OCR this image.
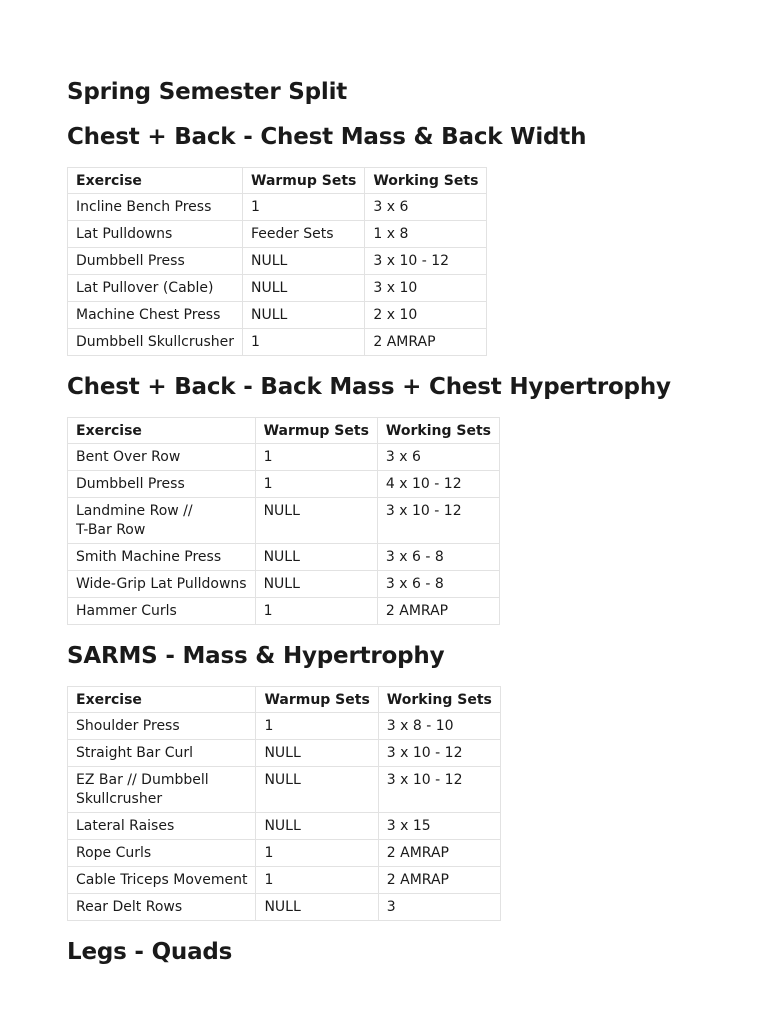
Spring Semester Split
Chest + Back - Chest Mass & Back Width
Exercise	Warmup Sets	Working Sets
Incline Bench Press	1	3 x 6
Lat Pulldowns	Feeder Sets	1 x 8
Dumbbell Press	NULL	3 x 10 - 12
Lat Pullover (Cable)	NULL	3 x 10
Machine Chest Press	NULL	2 x 10
Dumbbell Skullcrusher	1	2 AMRAP
Chest + Back - Back Mass + Chest Hypertrophy
Exercise	Warmup Sets	Working Sets
Bent Over Row	1	3 x 6
Dumbbell Press	1	4 x 10 - 12
Landmine Row //
T-Bar Row	NULL	3 x 10 - 12
Smith Machine Press	NULL	3 x 6 - 8
Wide-Grip Lat Pulldowns	NULL	3 x 6 - 8
Hammer Curls	1	2 AMRAP
SARMS - Mass & Hypertrophy
Exercise	Warmup Sets	Working Sets
Shoulder Press	1	3 x 8 - 10
Straight Bar Curl	NULL	3 x 10 - 12
EZ Bar // Dumbbell
Skullcrusher	NULL	3 x 10 - 12
Lateral Raises	NULL	3 x 15
Rope Curls	1	2 AMRAP
Cable Triceps Movement	1	2 AMRAP
Rear Delt Rows	NULL	3
Legs - Quads
